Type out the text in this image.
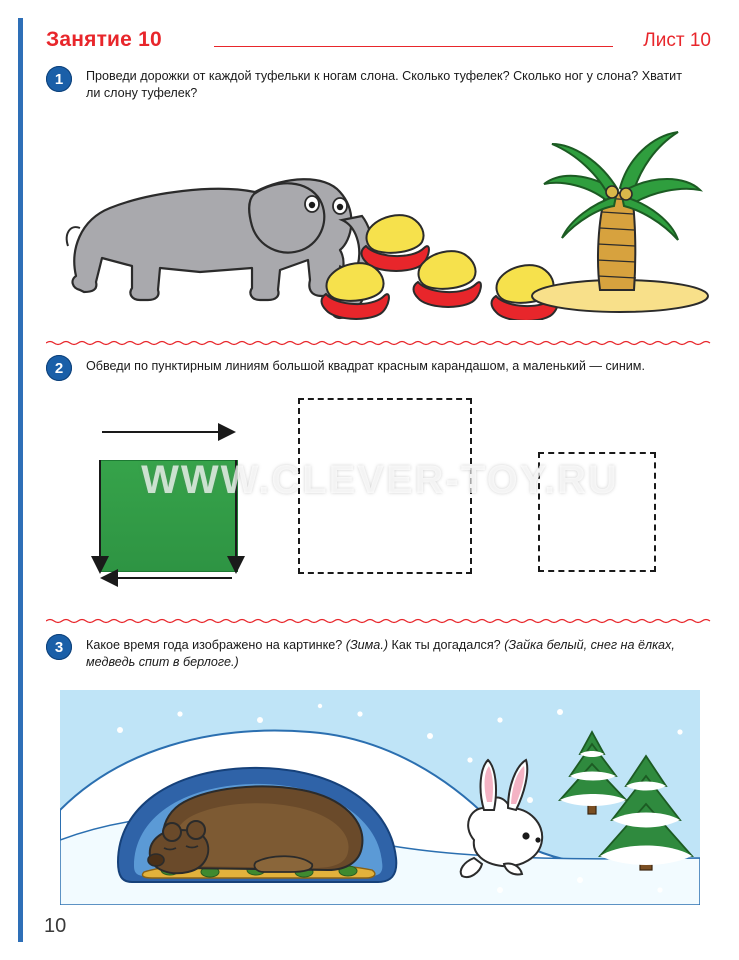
Занятие 10	Лист 10
1	Проведи дорожки от каждой туфельки к ногам слона. Сколько туфелек? Сколько ног у слона? Хватит ли слону туфелек?
2	Обведи по пунктирным линиям большой квадрат красным карандашом, а маленький — синим.
WWW.CLEVER-TOY.RU
3	Какое время года изображено на картинке? (Зима.) Как ты догадался? (Зайка белый, снег на ёлках, медведь спит в берлоге.)
10
